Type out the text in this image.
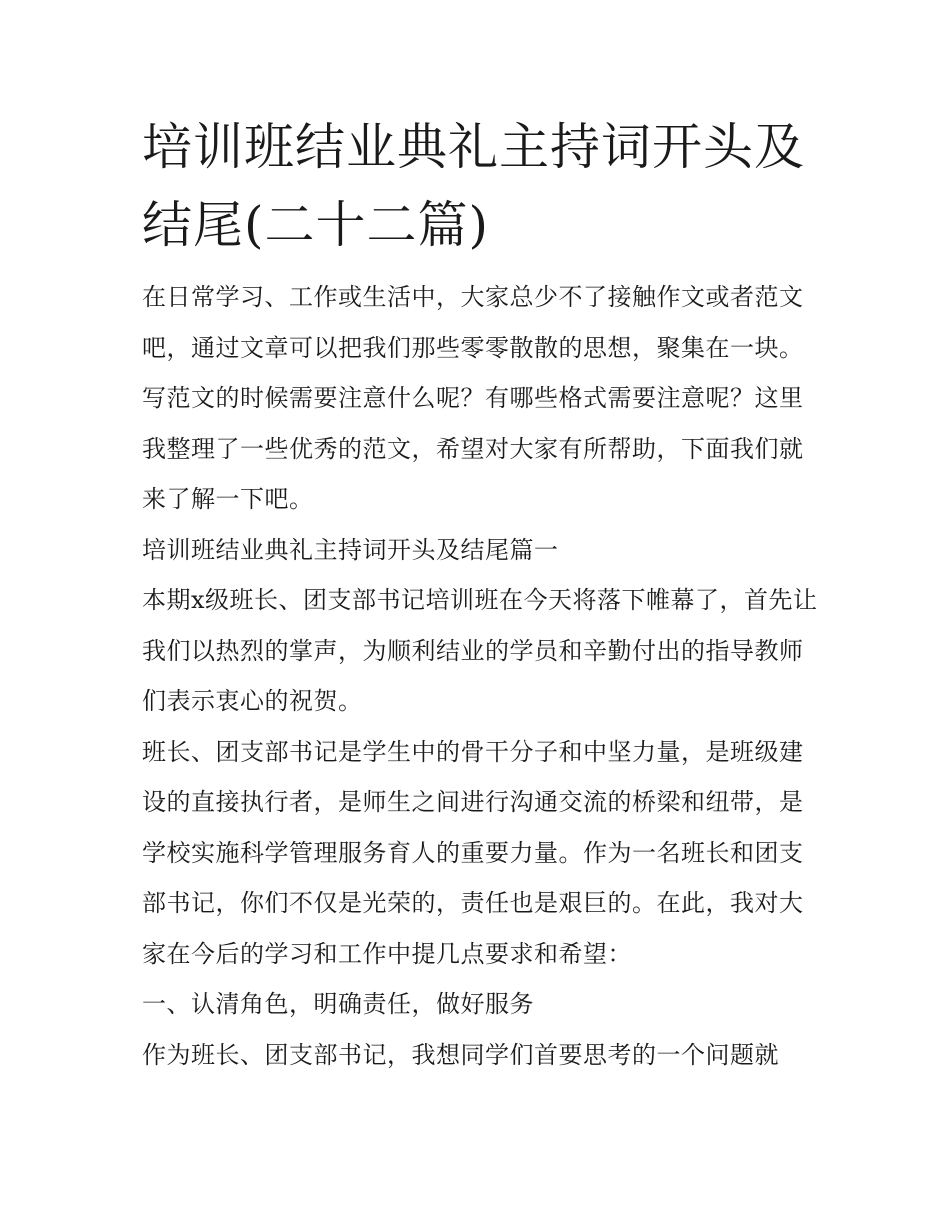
培训班结业典礼主持词开头及结尾(二十二篇)

在日常学习、工作或生活中，大家总少不了接触作文或者范文吧，通过文章可以把我们那些零零散散的思想，聚集在一块。写范文的时候需要注意什么呢？有哪些格式需要注意呢？这里我整理了一些优秀的范文，希望对大家有所帮助，下面我们就来了解一下吧。

培训班结业典礼主持词开头及结尾篇一

本期x级班长、团支部书记培训班在今天将落下帷幕了，首先让我们以热烈的掌声，为顺利结业的学员和辛勤付出的指导教师们表示衷心的祝贺。

班长、团支部书记是学生中的骨干分子和中坚力量，是班级建设的直接执行者，是师生之间进行沟通交流的桥梁和纽带，是学校实施科学管理服务育人的重要力量。作为一名班长和团支部书记，你们不仅是光荣的，责任也是艰巨的。在此，我对大家在今后的学习和工作中提几点要求和希望：

一、认清角色，明确责任，做好服务

作为班长、团支部书记，我想同学们首要思考的一个问题就
